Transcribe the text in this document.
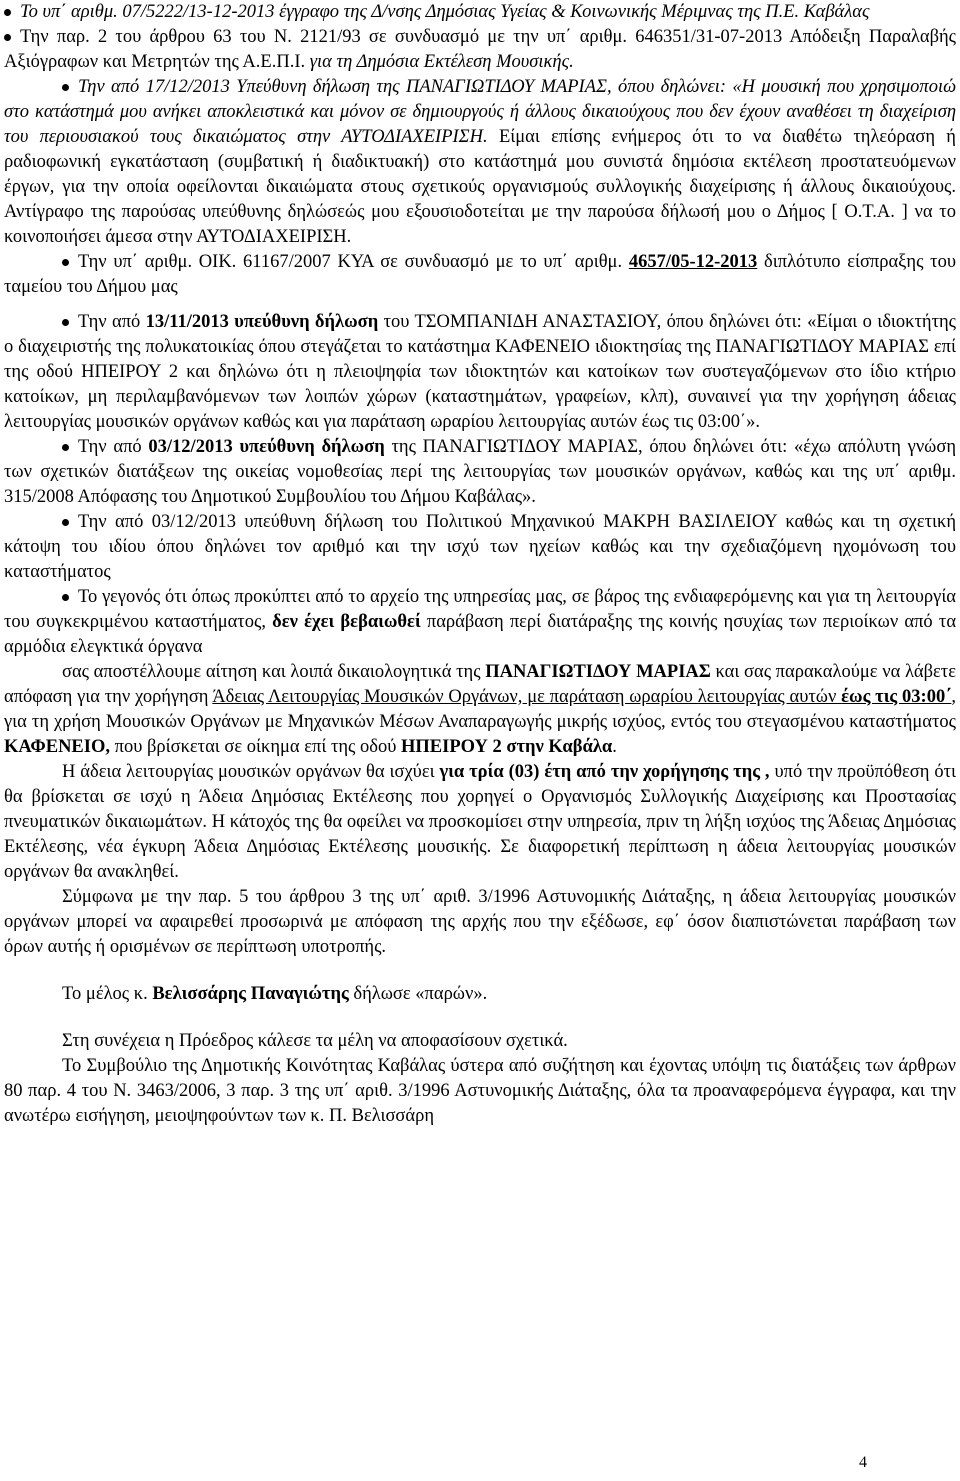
Το υπ΄ αριθμ. 07/5222/13-12-2013 έγγραφο της Δ/νσης Δημόσιας Υγείας & Κοινωνικής Μέριμνας της Π.Ε. Καβάλας

Την παρ. 2 του άρθρου 63 του Ν. 2121/93 σε συνδυασμό με την υπ΄ αριθμ. 646351/31-07-2013 Απόδειξη Παραλαβής Αξιόγραφων και Μετρητών της Α.Ε.Π.Ι. για τη Δημόσια Εκτέλεση Μουσικής.

Την από 17/12/2013 Υπεύθυνη δήλωση της ΠΑΝΑΓΙΩΤΙΔΟΥ ΜΑΡΙΑΣ, όπου δηλώνει: «Η μουσική που χρησιμοποιώ στο κατάστημά μου ανήκει αποκλειστικά και μόνον σε δημιουργούς ή άλλους δικαιούχους που δεν έχουν αναθέσει τη διαχείριση του περιουσιακού τους δικαιώματος στην ΑΥΤΟΔΙΑΧΕΙΡΙΣΗ. Είμαι επίσης ενήμερος ότι το να διαθέτω τηλεόραση ή ραδιοφωνική εγκατάσταση (συμβατική ή διαδικτυακή) στο κατάστημά μου συνιστά δημόσια εκτέλεση προστατευόμενων έργων, για την οποία οφείλονται δικαιώματα στους σχετικούς οργανισμούς συλλογικής διαχείρισης ή άλλους δικαιούχους. Αντίγραφο της παρούσας υπεύθυνης δηλώσεώς μου εξουσιοδοτείται με την παρούσα δήλωσή μου ο Δήμος [ Ο.Τ.Α. ] να το κοινοποιήσει άμεσα στην ΑΥΤΟΔΙΑΧΕΙΡΙΣΗ.

Την υπ΄ αριθμ. ΟΙΚ. 61167/2007 ΚΥΑ σε συνδυασμό με το υπ΄ αριθμ. 4657/05-12-2013 διπλότυπο είσπραξης του ταμείου του Δήμου μας

Την από 13/11/2013 υπεύθυνη δήλωση του ΤΣΟΜΠΑΝΙΔΗ ΑΝΑΣΤΑΣΙΟΥ, όπου δηλώνει ότι: «Είμαι ο ιδιοκτήτης ο διαχειριστής της πολυκατοικίας όπου στεγάζεται το κατάστημα ΚΑΦΕΝΕΙΟ ιδιοκτησίας της ΠΑΝΑΓΙΩΤΙΔΟΥ ΜΑΡΙΑΣ επί της οδού ΗΠΕΙΡΟΥ 2 και δηλώνω ότι η πλειοψηφία των ιδιοκτητών και κατοίκων των συστεγαζόμενων στο ίδιο κτήριο κατοίκων, μη περιλαμβανόμενων των λοιπών χώρων (καταστημάτων, γραφείων, κλπ), συναινεί για την χορήγηση άδειας λειτουργίας μουσικών οργάνων καθώς και για παράταση ωραρίου λειτουργίας αυτών έως τις 03:00΄».

Την από 03/12/2013 υπεύθυνη δήλωση της ΠΑΝΑΓΙΩΤΙΔΟΥ ΜΑΡΙΑΣ, όπου δηλώνει ότι: «έχω απόλυτη γνώση των σχετικών διατάξεων της οικείας νομοθεσίας περί της λειτουργίας των μουσικών οργάνων, καθώς και της υπ΄ αριθμ. 315/2008 Απόφασης του Δημοτικού Συμβουλίου του Δήμου Καβάλας».

Την από 03/12/2013 υπεύθυνη δήλωση του Πολιτικού Μηχανικού ΜΑΚΡΗ ΒΑΣΙΛΕΙΟΥ καθώς και τη σχετική κάτοψη του ιδίου όπου δηλώνει τον αριθμό και την ισχύ των ηχείων καθώς και την σχεδιαζόμενη ηχομόνωση του καταστήματος

Το γεγονός ότι όπως προκύπτει από το αρχείο της υπηρεσίας μας, σε βάρος της ενδιαφερόμενης και για τη λειτουργία του συγκεκριμένου καταστήματος, δεν έχει βεβαιωθεί παράβαση περί διατάραξης της κοινής ησυχίας των περιοίκων από τα αρμόδια ελεγκτικά όργανα

σας αποστέλλουμε αίτηση και λοιπά δικαιολογητικά της ΠΑΝΑΓΙΩΤΙΔΟΥ ΜΑΡΙΑΣ και σας παρακαλούμε να λάβετε απόφαση για την χορήγηση Άδειας Λειτουργίας Μουσικών Οργάνων, με παράταση ωραρίου λειτουργίας αυτών έως τις 03:00΄, για τη χρήση Μουσικών Οργάνων με Μηχανικών Μέσων Αναπαραγωγής μικρής ισχύος, εντός του στεγασμένου καταστήματος ΚΑΦΕΝΕΙΟ, που βρίσκεται σε οίκημα επί της οδού ΗΠΕΙΡΟΥ 2 στην Καβάλα.

Η άδεια λειτουργίας μουσικών οργάνων θα ισχύει για τρία (03) έτη από την χορήγησης της , υπό την προϋπόθεση ότι θα βρίσκεται σε ισχύ η Άδεια Δημόσιας Εκτέλεσης που χορηγεί ο Οργανισμός Συλλογικής Διαχείρισης και Προστασίας πνευματικών δικαιωμάτων. Η κάτοχός της θα οφείλει να προσκομίσει στην υπηρεσία, πριν τη λήξη ισχύος της Άδειας Δημόσιας Εκτέλεσης, νέα έγκυρη Άδεια Δημόσιας Εκτέλεσης μουσικής. Σε διαφορετική περίπτωση η άδεια λειτουργίας μουσικών οργάνων θα ανακληθεί.

Σύμφωνα με την παρ. 5 του άρθρου 3 της υπ΄ αριθ. 3/1996 Αστυνομικής Διάταξης, η άδεια λειτουργίας μουσικών οργάνων μπορεί να αφαιρεθεί προσωρινά με απόφαση της αρχής που την εξέδωσε, εφ΄ όσον διαπιστώνεται παράβαση των όρων αυτής ή ορισμένων σε περίπτωση υποτροπής.

Το μέλος κ. Βελισσάρης Παναγιώτης δήλωσε «παρών».

Στη συνέχεια η Πρόεδρος κάλεσε τα μέλη να αποφασίσουν σχετικά.

Το Συμβούλιο της Δημοτικής Κοινότητας Καβάλας ύστερα από συζήτηση και έχοντας υπόψη τις διατάξεις των άρθρων 80 παρ. 4 του Ν. 3463/2006, 3 παρ. 3 της υπ΄ αριθ. 3/1996 Αστυνομικής Διάταξης, όλα τα προαναφερόμενα έγγραφα, και την ανωτέρω εισήγηση, μειοψηφούντων των κ. Π. Βελισσάρη

4
